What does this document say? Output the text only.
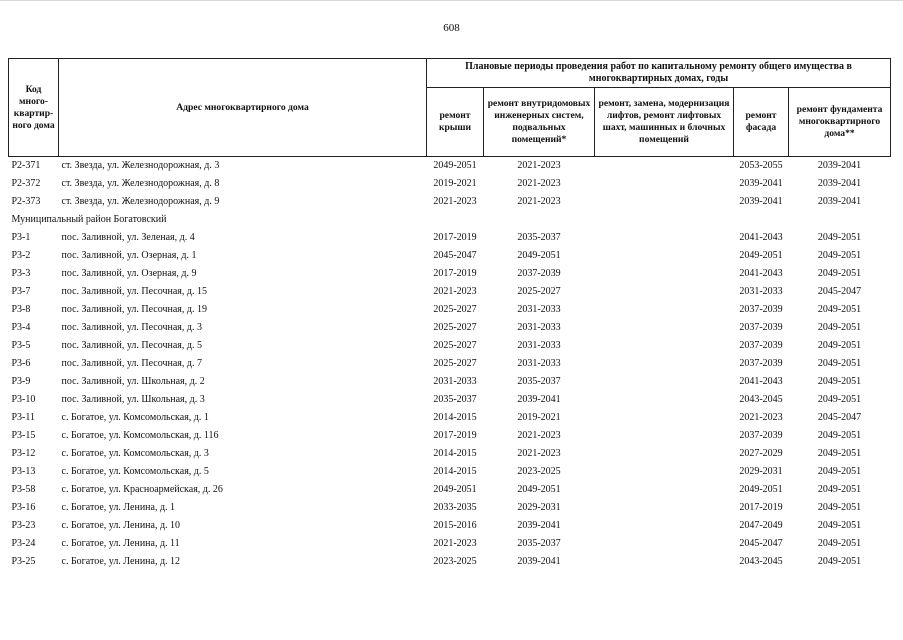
608
Код много-квартир-ного дома	Адрес многоквартирного дома	Плановые периоды проведения работ по капитальному ремонту общего имущества в многоквартирных домах, годы				
		ремонт крыши	ремонт внутридомовых инженерных систем, подвальных помещений*	ремонт, замена, модернизация лифтов, ремонт лифтовых шахт, машинных и блочных помещений	ремонт фасада	ремонт фундамента многоквартирного дома**
Р2-371	ст. Звезда, ул. Железнодорожная, д. 3	2049-2051	2021-2023		2053-2055	2039-2041
Р2-372	ст. Звезда, ул. Железнодорожная, д. 8	2019-2021	2021-2023		2039-2041	2039-2041
Р2-373	ст. Звезда, ул. Железнодорожная, д. 9	2021-2023	2021-2023		2039-2041	2039-2041
Муниципальный район Богатовский						
Р3-1	пос. Заливной, ул. Зеленая, д. 4	2017-2019	2035-2037		2041-2043	2049-2051
Р3-2	пос. Заливной, ул. Озерная, д. 1	2045-2047	2049-2051		2049-2051	2049-2051
Р3-3	пос. Заливной, ул. Озерная, д. 9	2017-2019	2037-2039		2041-2043	2049-2051
Р3-7	пос. Заливной, ул. Песочная, д. 15	2021-2023	2025-2027		2031-2033	2045-2047
Р3-8	пос. Заливной, ул. Песочная, д. 19	2025-2027	2031-2033		2037-2039	2049-2051
Р3-4	пос. Заливной, ул. Песочная, д. 3	2025-2027	2031-2033		2037-2039	2049-2051
Р3-5	пос. Заливной, ул. Песочная, д. 5	2025-2027	2031-2033		2037-2039	2049-2051
Р3-6	пос. Заливной, ул. Песочная, д. 7	2025-2027	2031-2033		2037-2039	2049-2051
Р3-9	пос. Заливной, ул. Школьная, д. 2	2031-2033	2035-2037		2041-2043	2049-2051
Р3-10	пос. Заливной, ул. Школьная, д. 3	2035-2037	2039-2041		2043-2045	2049-2051
Р3-11	с. Богатое, ул. Комсомольская, д. 1	2014-2015	2019-2021		2021-2023	2045-2047
Р3-15	с. Богатое, ул. Комсомольская, д. 116	2017-2019	2021-2023		2037-2039	2049-2051
Р3-12	с. Богатое, ул. Комсомольская, д. 3	2014-2015	2021-2023		2027-2029	2049-2051
Р3-13	с. Богатое, ул. Комсомольская, д. 5	2014-2015	2023-2025		2029-2031	2049-2051
Р3-58	с. Богатое, ул. Красноармейская, д. 26	2049-2051	2049-2051		2049-2051	2049-2051
Р3-16	с. Богатое, ул. Ленина, д. 1	2033-2035	2029-2031		2017-2019	2049-2051
Р3-23	с. Богатое, ул. Ленина, д. 10	2015-2016	2039-2041		2047-2049	2049-2051
Р3-24	с. Богатое, ул. Ленина, д. 11	2021-2023	2035-2037		2045-2047	2049-2051
Р3-25	с. Богатое, ул. Ленина, д. 12	2023-2025	2039-2041		2043-2045	2049-2051
